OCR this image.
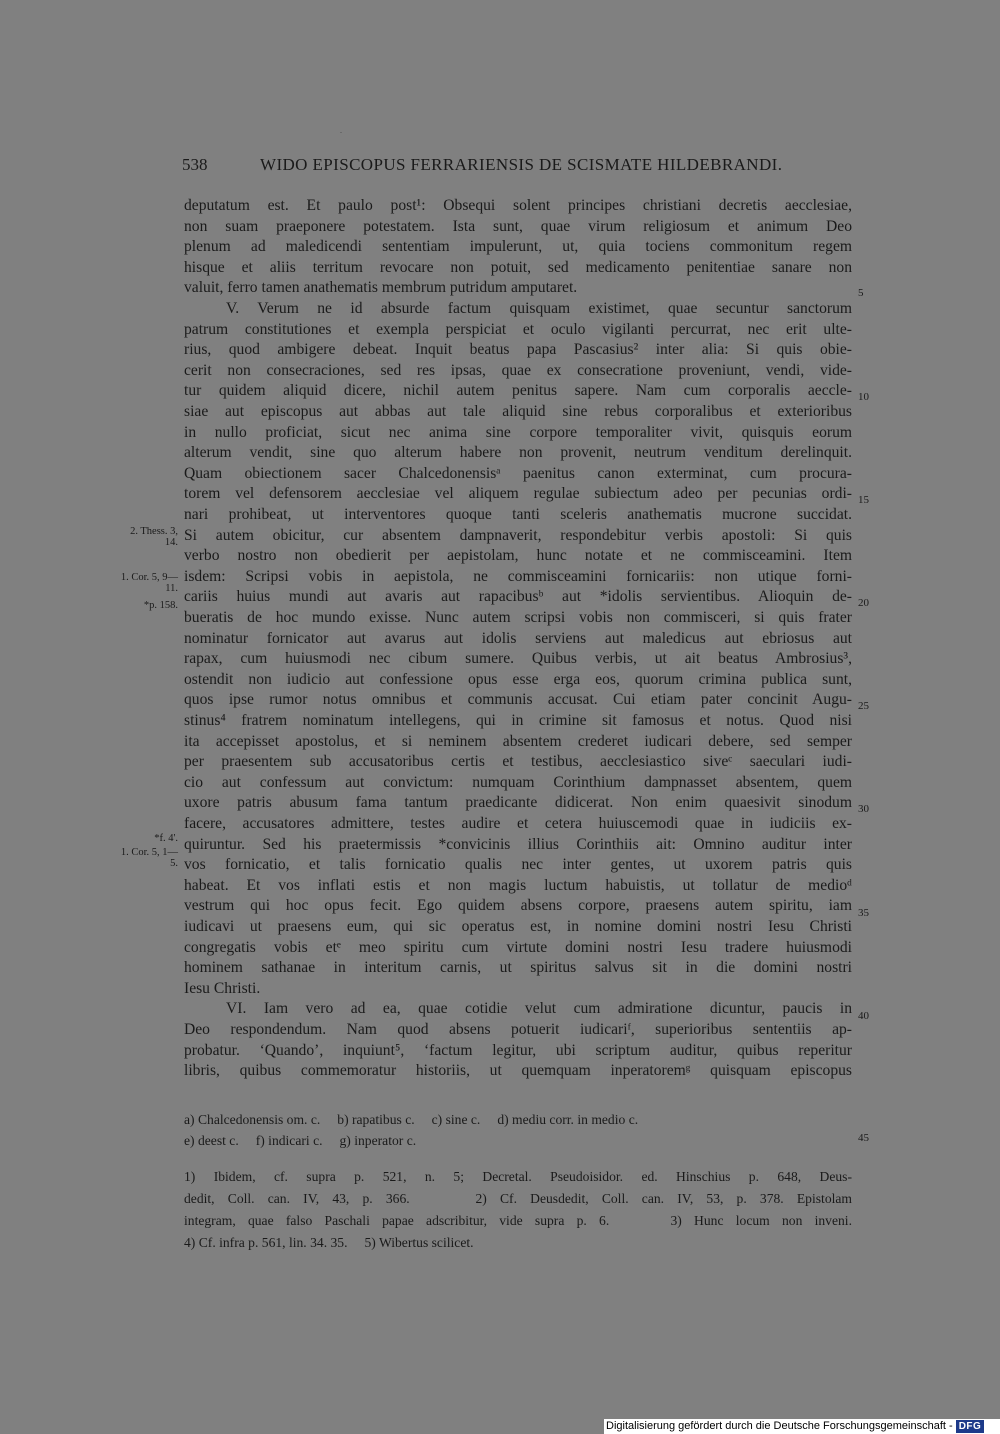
538	WIDO EPISCOPUS FERRARIENSIS DE SCISMATE HILDEBRANDI.
deputatum est. Et paulo post¹: Obsequi solent principes christiani decretis aecclesiae,
non suam praeponere potestatem. Ista sunt, quae virum religiosum et animum Deo
plenum ad maledicendi sententiam impulerunt, ut, quia tociens commonitum regem
hisque et aliis territum revocare non potuit, sed medicamento penitentiae sanare non
valuit, ferro tamen anathematis membrum putridum amputaret.
V. Verum ne id absurde factum quisquam existimet, quae secuntur sanctorum
patrum constitutiones et exempla perspiciat et oculo vigilanti percurrat, nec erit ulte-
rius, quod ambigere debeat. Inquit beatus papa Pascasius² inter alia: Si quis obie-
cerit non consecraciones, sed res ipsas, quae ex consecratione proveniunt, vendi, vide-
tur quidem aliquid dicere, nichil autem penitus sapere. Nam cum corporalis aeccle-
siae aut episcopus aut abbas aut tale aliquid sine rebus corporalibus et exterioribus
in nullo proficiat, sicut nec anima sine corpore temporaliter vivit, quisquis eorum
alterum vendit, sine quo alterum habere non provenit, neutrum venditum derelinquit.
Quam obiectionem sacer Chalcedonensisᵃ paenitus canon exterminat, cum procura-
torem vel defensorem aecclesiae vel aliquem regulae subiectum adeo per pecunias ordi-
nari prohibeat, ut interventores quoque tanti sceleris anathematis mucrone succidat.
Si autem obicitur, cur absentem dampnaverit, respondebitur verbis apostoli: Si quis
verbo nostro non obedierit per aepistolam, hunc notate et ne commisceamini. Item
isdem: Scripsi vobis in aepistola, ne commisceamini fornicariis: non utique forni-
cariis huius mundi aut avaris aut rapacibusᵇ aut *idolis servientibus. Alioquin de-
bueratis de hoc mundo exisse. Nunc autem scripsi vobis non commisceri, si quis frater
nominatur fornicator aut avarus aut idolis serviens aut maledicus aut ebriosus aut
rapax, cum huiusmodi nec cibum sumere. Quibus verbis, ut ait beatus Ambrosius³,
ostendit non iudicio aut confessione opus esse erga eos, quorum crimina publica sunt,
quos ipse rumor notus omnibus et communis accusat. Cui etiam pater concinit Augu-
stinus⁴ fratrem nominatum intellegens, qui in crimine sit famosus et notus. Quod nisi
ita accepisset apostolus, et si neminem absentem crederet iudicari debere, sed semper
per praesentem sub accusatoribus certis et testibus, aecclesiastico siveᶜ saeculari iudi-
cio aut confessum aut convictum: numquam Corinthium dampnasset absentem, quem
uxore patris abusum fama tantum praedicante didicerat. Non enim quaesivit sinodum
facere, accusatores admittere, testes audire et cetera huiuscemodi quae in iudiciis ex-
quiruntur. Sed his praetermissis *convicinis illius Corinthiis ait: Omnino auditur inter
vos fornicatio, et talis fornicatio qualis nec inter gentes, ut uxorem patris quis
habeat. Et vos inflati estis et non magis luctum habuistis, ut tollatur de medioᵈ
vestrum qui hoc opus fecit. Ego quidem absens corpore, praesens autem spiritu, iam
iudicavi ut praesens eum, qui sic operatus est, in nomine domini nostri Iesu Christi
congregatis vobis etᵉ meo spiritu cum virtute domini nostri Iesu tradere huiusmodi
hominem sathanae in interitum carnis, ut spiritus salvus sit in die domini nostri
Iesu Christi.
VI. Iam vero ad ea, quae cotidie velut cum admiratione dicuntur, paucis in
Deo respondendum. Nam quod absens potuerit iudicariᶠ, superioribus sententiis ap-
probatur. ‘Quando’, inquiunt⁵, ‘factum legitur, ubi scriptum auditur, quibus reperitur
libris, quibus commemoratur historiis, ut quemquam inperatoremᵍ quisquam episcopus
5
10
15
20
25
30
35
40
2. Thess. 3, 14.
1. Cor. 5, 9—11.
*p. 158.
*f. 4'.
1. Cor. 5, 1—5.
a) Chalcedonensis om. c.     b) rapatibus c.     c) sine c.     d) mediu corr. in medio c.
e) deest c.     f) indicari c.     g) inperator c.	45
1) Ibidem, cf. supra p. 521, n. 5; Decretal. Pseudoisidor. ed. Hinschius p. 648, Deus-
dedit, Coll. can. IV, 43, p. 366.     2) Cf. Deusdedit, Coll. can. IV, 53, p. 378. Epistolam
integram, quae falso Paschali papae adscribitur, vide supra p. 6.     3) Hunc locum non inveni.
4) Cf. infra p. 561, lin. 34. 35.     5) Wibertus scilicet.
Digitalisierung gefördert durch die Deutsche Forschungsgemeinschaft - DFG
